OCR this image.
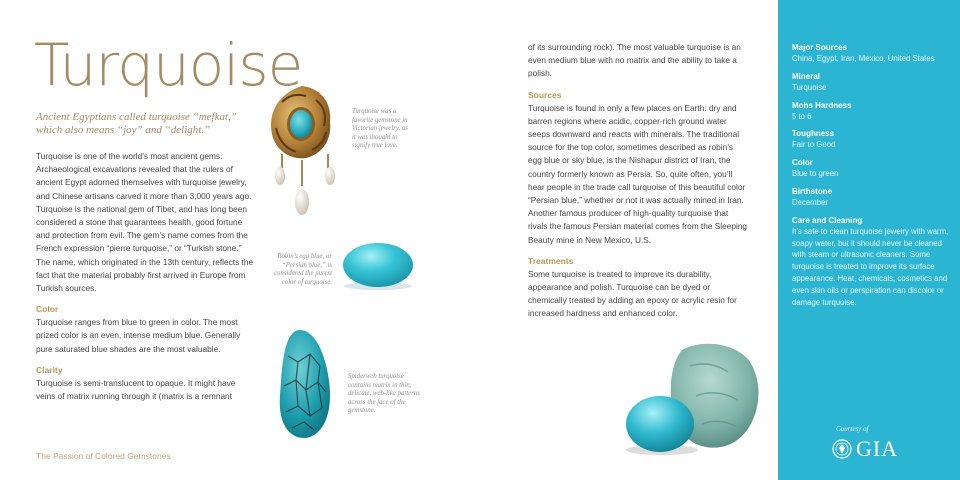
Turquoise
Ancient Egyptians called turquoise “mefkat,” which also means “joy” and “delight.”

Turquoise is one of the world’s most ancient gems. Archaeological excavations revealed that the rulers of ancient Egypt adorned themselves with turquoise jewelry, and Chinese artisans carved it more than 3,000 years ago. Turquoise is the national gem of Tibet, and has long been considered a stone that guarantees health, good fortune and protection from evil. The gem’s name comes from the French expression “pierre turquoise,” or “Turkish stone.” The name, which originated in the 13th century, reflects the fact that the material probably first arrived in Europe from Turkish sources.

Color

Turquoise ranges from blue to green in color. The most prized color is an even, intense medium blue. Generally pure saturated blue shades are the most valuable.

Clarity

Turquoise is semi-translucent to opaque. It might have veins of matrix running through it (matrix is a remnant

Turquoise was a favorite gemstone in Victorian jewelry, as it was thought to signify true love.
Robin’s egg blue, or “Persian blue,” is considered the purest color of turquoise.
Spiderweb turquoise contains matrix in thin, delicate, web-like patterns across the face of the gemstone.

of its surrounding rock). The most valuable turquoise is an even medium blue with no matrix and the ability to take a polish.

Sources

Turquoise is found in only a few places on Earth: dry and barren regions where acidic, copper-rich ground water seeps downward and reacts with minerals. The traditional source for the top color, sometimes described as robin’s egg blue or sky blue, is the Nishapur district of Iran, the country formerly known as Persia. So, quite often, you’ll hear people in the trade call turquoise of this beautiful color “Persian blue,” whether or not it was actually mined in Iran. Another famous producer of high-quality turquoise that rivals the famous Persian material comes from the Sleeping Beauty mine in New Mexico, U.S.

Treatments

Some turquoise is treated to improve its durability, appearance and polish. Turquoise can be dyed or chemically treated by adding an epoxy or acrylic resin for increased hardness and enhanced color.

The Passion of Colored Gemstones
Major Sources
China, Egypt, Iran, Mexico, United States
Mineral
Turquoise
Mohs Hardness
5 to 6
Toughness
Fair to Good
Color
Blue to green
Birthstone
December
Care and Cleaning
It’s safe to clean turquoise jewelry with warm, soapy water, but it should never be cleaned with steam or ultrasonic cleaners. Some turquoise is treated to improve its surface appearance. Heat, chemicals, cosmetics and even skin oils or perspiration can discolor or damage turquoise.
Courtesy of
GIA
